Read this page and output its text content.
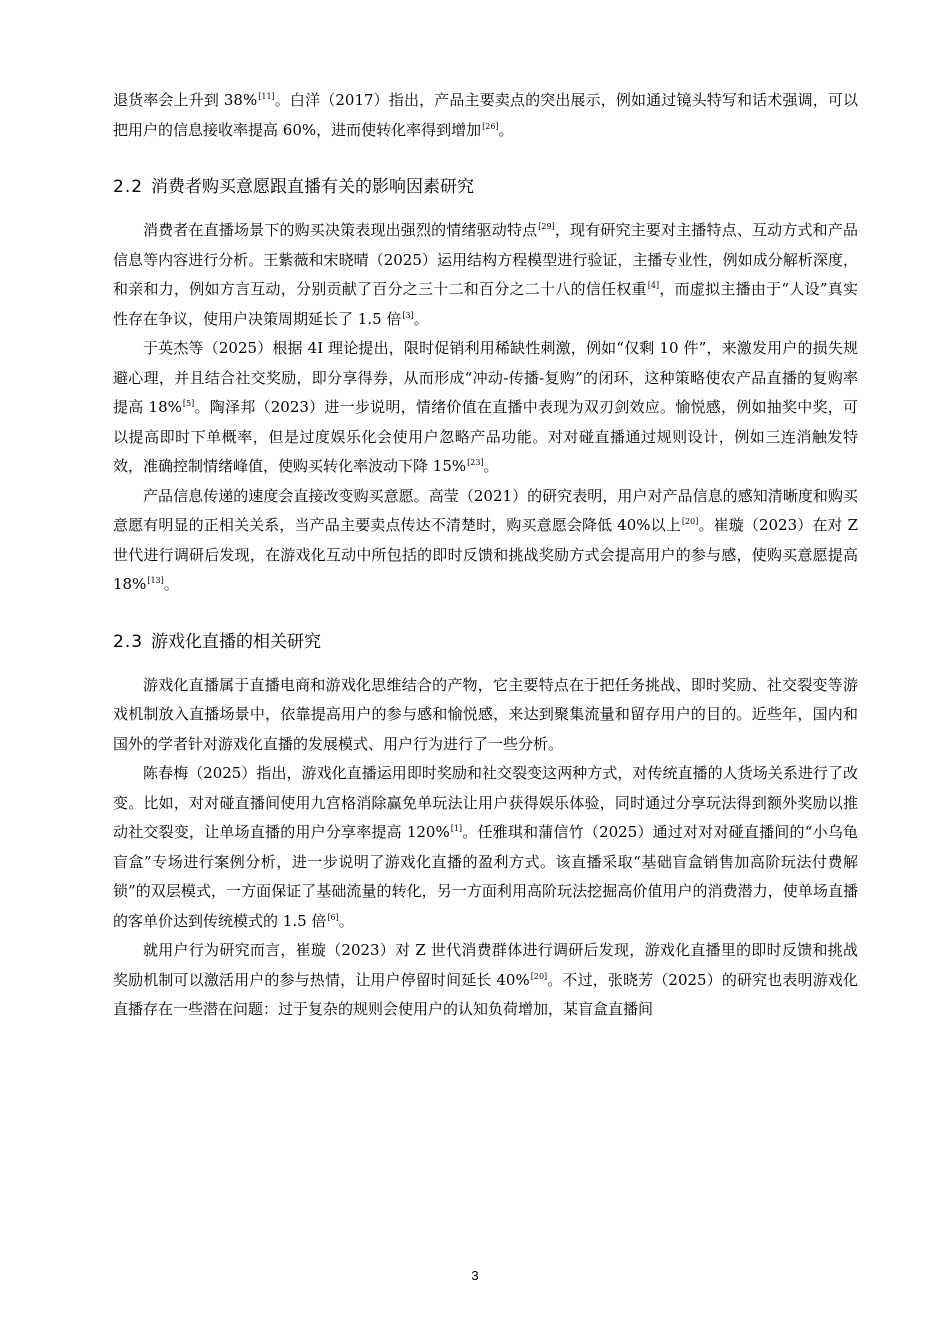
退货率会上升到 38%[11]。白洋（2017）指出，产品主要卖点的突出展示，例如通过镜头特写和话术强调，可以把用户的信息接收率提高 60%，进而使转化率得到增加[26]。

2.2 消费者购买意愿跟直播有关的影响因素研究

消费者在直播场景下的购买决策表现出强烈的情绪驱动特点[29]，现有研究主要对主播特点、互动方式和产品信息等内容进行分析。王紫薇和宋晓晴（2025）运用结构方程模型进行验证，主播专业性，例如成分解析深度，和亲和力，例如方言互动，分别贡献了百分之三十二和百分之二十八的信任权重[4]，而虚拟主播由于“人设”真实性存在争议，使用户决策周期延长了 1.5 倍[3]。

于英杰等（2025）根据 4I 理论提出，限时促销利用稀缺性刺激，例如“仅剩 10 件”，来激发用户的损失规避心理，并且结合社交奖励，即分享得券，从而形成“冲动-传播-复购”的闭环，这种策略使农产品直播的复购率提高 18%[5]。陶泽邦（2023）进一步说明，情绪价值在直播中表现为双刃剑效应。愉悦感，例如抽奖中奖，可以提高即时下单概率，但是过度娱乐化会使用户忽略产品功能。对对碰直播通过规则设计，例如三连消触发特效，准确控制情绪峰值，使购买转化率波动下降 15%[23]。

产品信息传递的速度会直接改变购买意愿。高莹（2021）的研究表明，用户对产品信息的感知清晰度和购买意愿有明显的正相关关系，当产品主要卖点传达不清楚时，购买意愿会降低 40%以上[20]。崔璇（2023）在对 Z 世代进行调研后发现，在游戏化互动中所包括的即时反馈和挑战奖励方式会提高用户的参与感，使购买意愿提高 18%[13]。

2.3 游戏化直播的相关研究

游戏化直播属于直播电商和游戏化思维结合的产物，它主要特点在于把任务挑战、即时奖励、社交裂变等游戏机制放入直播场景中，依靠提高用户的参与感和愉悦感，来达到聚集流量和留存用户的目的。近些年，国内和国外的学者针对游戏化直播的发展模式、用户行为进行了一些分析。

陈春梅（2025）指出，游戏化直播运用即时奖励和社交裂变这两种方式，对传统直播的人货场关系进行了改变。比如，对对碰直播间使用九宫格消除赢免单玩法让用户获得娱乐体验，同时通过分享玩法得到额外奖励以推动社交裂变，让单场直播的用户分享率提高 120%[1]。任雅琪和蒲信竹（2025）通过对对对碰直播间的“小乌龟盲盒”专场进行案例分析，进一步说明了游戏化直播的盈利方式。该直播采取“基础盲盒销售加高阶玩法付费解锁”的双层模式，一方面保证了基础流量的转化，另一方面利用高阶玩法挖掘高价值用户的消费潜力，使单场直播的客单价达到传统模式的 1.5 倍[6]。

就用户行为研究而言，崔璇（2023）对 Z 世代消费群体进行调研后发现，游戏化直播里的即时反馈和挑战奖励机制可以激活用户的参与热情，让用户停留时间延长 40%[20]。不过，张晓芳（2025）的研究也表明游戏化直播存在一些潜在问题：过于复杂的规则会使用户的认知负荷增加，某盲盒直播间

3
